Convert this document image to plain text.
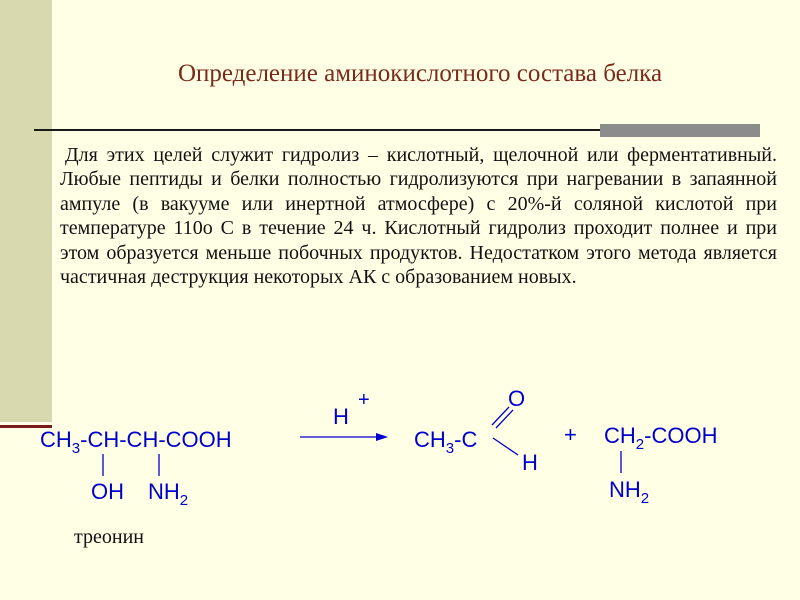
Определение аминокислотного состава белка

Для этих целей служит гидролиз – кислотный, щелочной или ферментативный. Любые пептиды и белки полностью гидролизуются при нагревании в запаянной ампуле (в вакууме или инертной атмосфере) с 20%-й соляной кислотой при температуре 110о С в течение 24 ч. Кислотный гидролиз проходит полнее и при этом образуется меньше побочных продуктов. Недостатком этого метода является частичная деструкция некоторых АК с образованием новых.

$CH_3-CH-CH$-COOH
OH $NH_2$
H
+
$CH_3-C$
O
H
+ $CH_2$-COOH
$NH_2$
треонин
